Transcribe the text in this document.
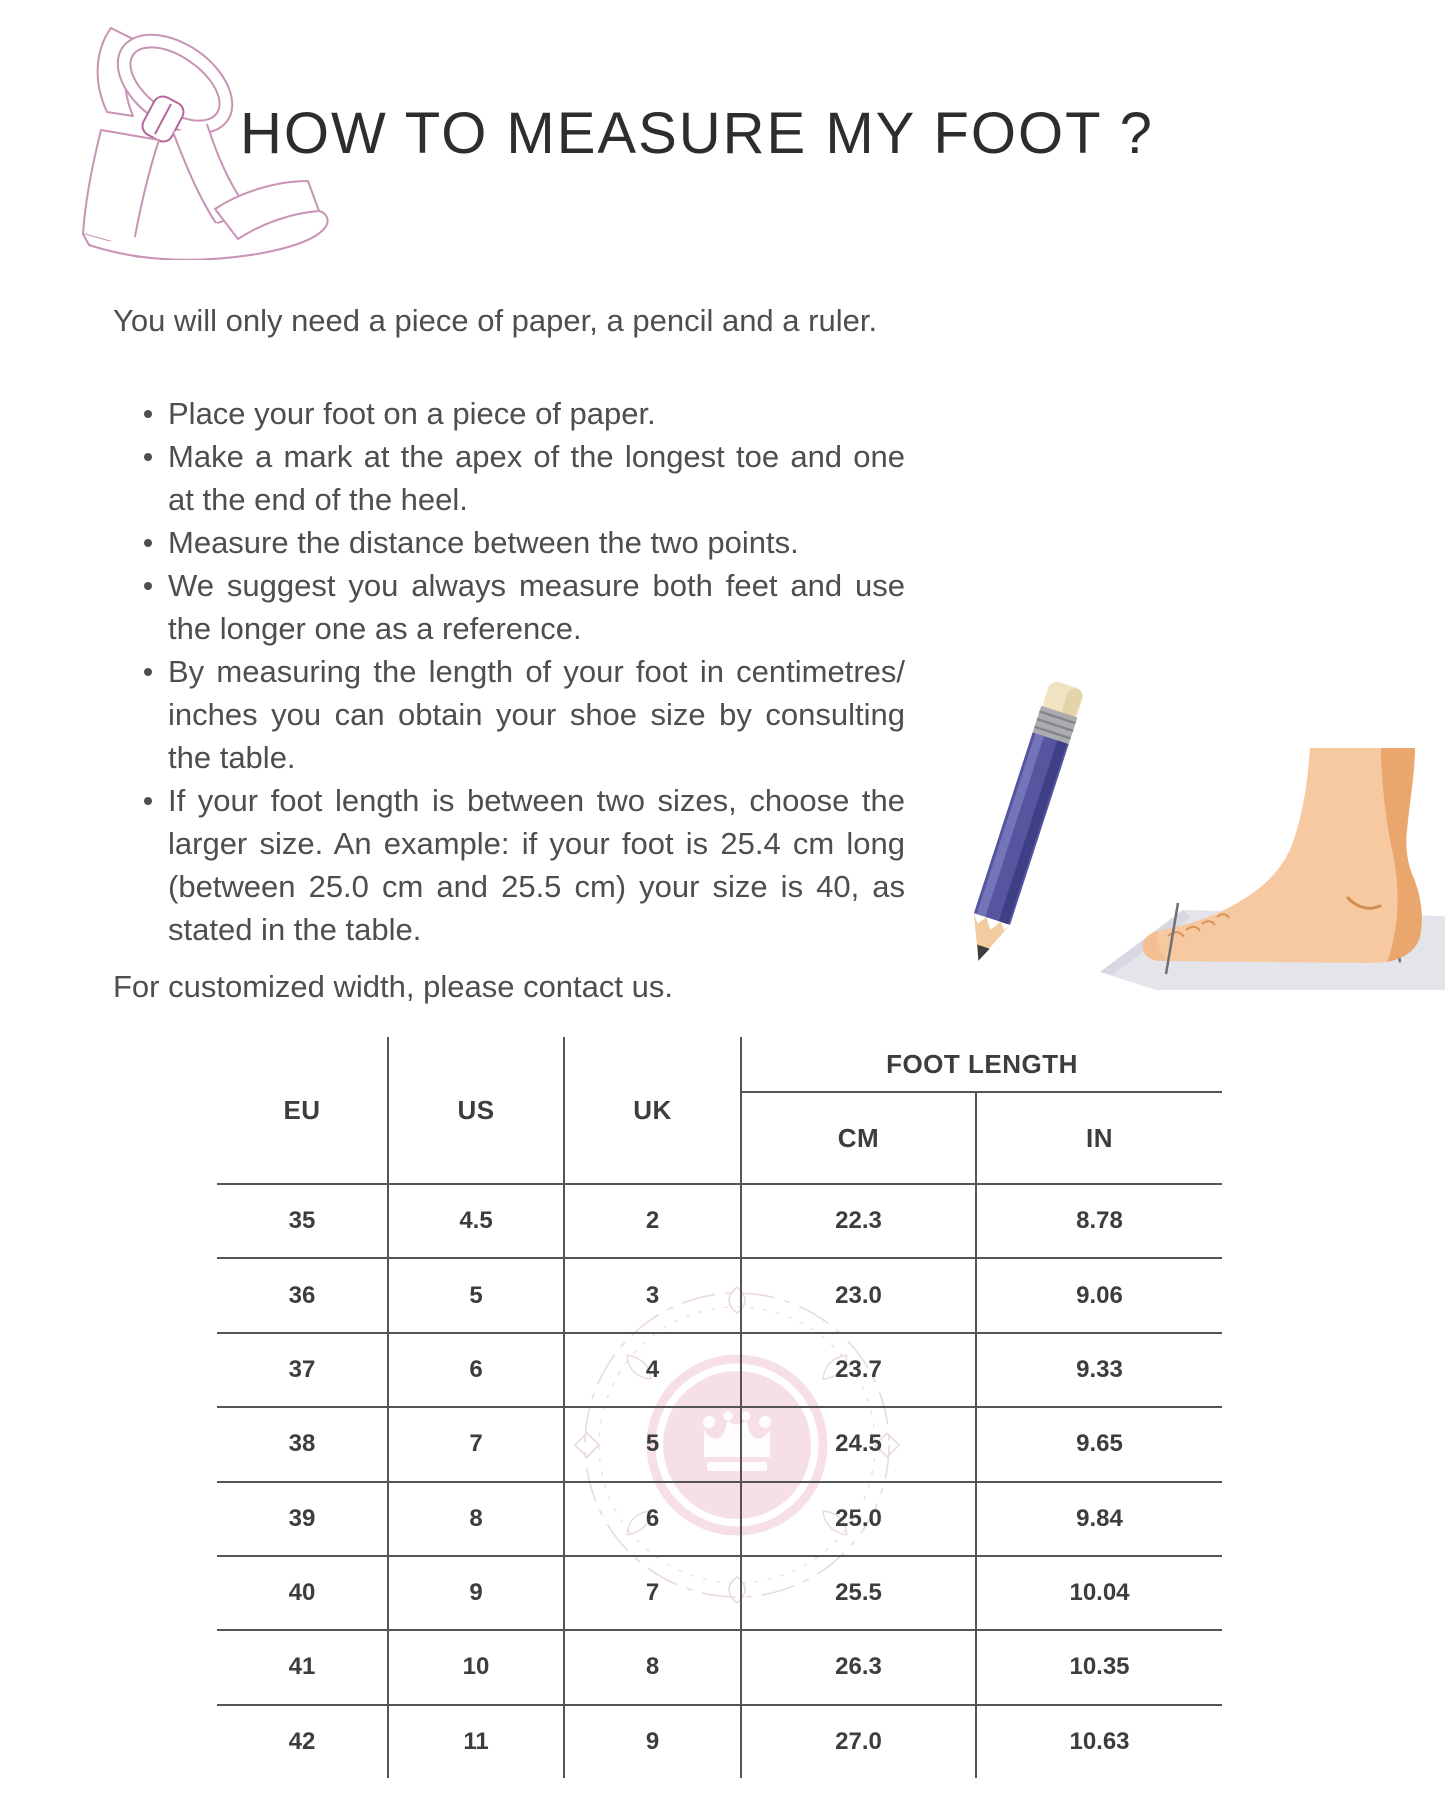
HOW TO MEASURE MY FOOT ?

You will only need a piece of paper, a pencil and a ruler.

Place your foot on a piece of paper.
Make a mark at the apex of the longest toe and one at the end of the heel.
Measure the distance between the two points.
We suggest you always measure both feet and use the longer one as a reference.
By measuring the length of your foot in centimetres/ inches you can obtain your shoe size by consulting the table.
If your foot length is between two sizes, choose the larger size. An example: if your foot is 25.4 cm long (between 25.0 cm and 25.5 cm) your size is 40, as stated in the table.

For customized width, please contact us.

EU	US	UK
FOOT LENGTH
CM	IN
35	4.5	2	22.3	8.78
36	5	3	23.0	9.06
37	6	4	23.7	9.33
38	7	5	24.5	9.65
39	8	6	25.0	9.84
40	9	7	25.5	10.04
41	10	8	26.3	10.35
42	11	9	27.0	10.63
